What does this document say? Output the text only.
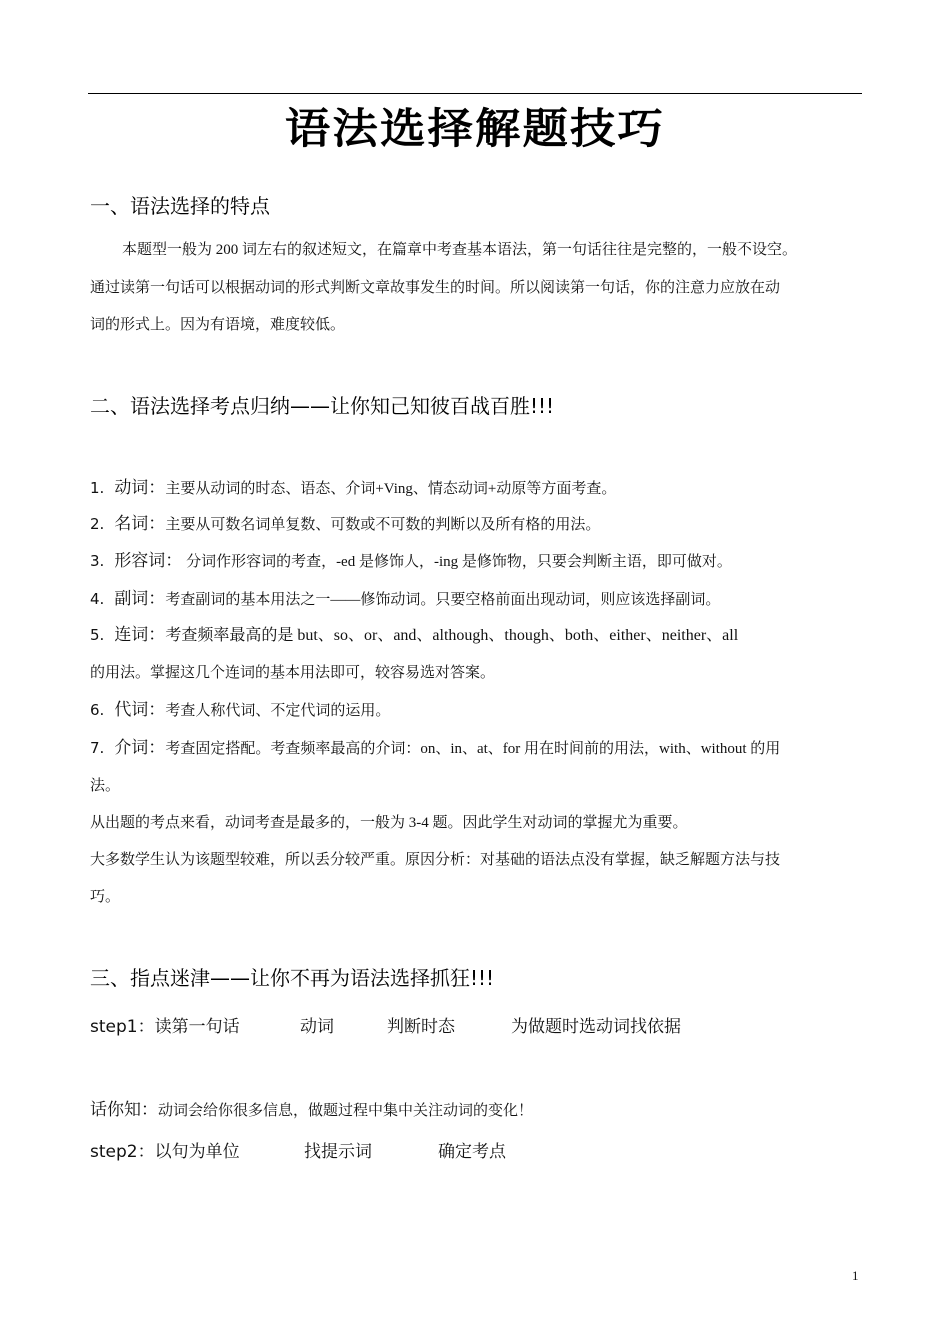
语法选择解题技巧
一、语法选择的特点
本题型一般为 200 词左右的叙述短文，在篇章中考查基本语法，第一句话往往是完整的，一般不设空。
通过读第一句话可以根据动词的形式判断文章故事发生的时间。所以阅读第一句话，你的注意力应放在动
词的形式上。因为有语境，难度较低。
二、语法选择考点归纳——让你知己知彼百战百胜!!!
1. 动词：主要从动词的时态、语态、介词+Ving、情态动词+动原等方面考查。
2. 名词：主要从可数名词单复数、可数或不可数的判断以及所有格的用法。
3. 形容词： 分词作形容词的考查，-ed 是修饰人，-ing 是修饰物，只要会判断主语，即可做对。
4. 副词：考查副词的基本用法之一——修饰动词。只要空格前面出现动词，则应该选择副词。
5. 连词：考查频率最高的是 but、so、or、and、although、though、both、either、neither、all
的用法。掌握这几个连词的基本用法即可，较容易选对答案。
6. 代词：考查人称代词、不定代词的运用。
7. 介词：考查固定搭配。考查频率最高的介词：on、in、at、for 用在时间前的用法，with、without 的用
法。
从出题的考点来看，动词考查是最多的，一般为 3-4 题。因此学生对动词的掌握尤为重要。
大多数学生认为该题型较难，所以丢分较严重。原因分析：对基础的语法点没有掌握，缺乏解题方法与技
巧。
三、指点迷津——让你不再为语法选择抓狂!!!
step1：读第一句话	动词	判断时态	为做题时选动词找依据
话你知：动词会给你很多信息，做题过程中集中关注动词的变化！
step2：以句为单位	找提示词	确定考点
1
